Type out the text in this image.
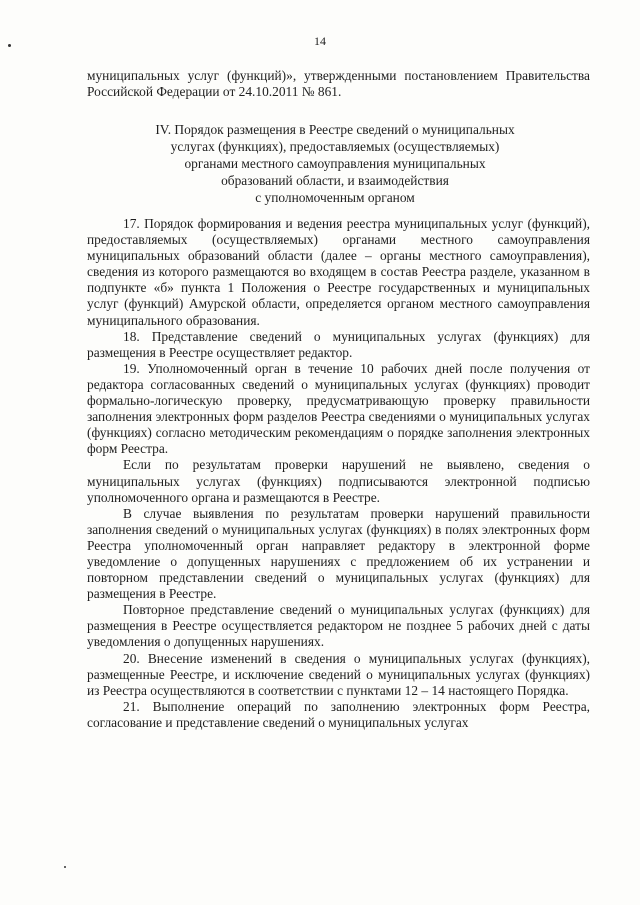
14

муниципальных услуг (функций)», утвержденными постановлением Правительства Российской Федерации от 24.10.2011 № 861.

IV. Порядок размещения в Реестре сведений о муниципальных
услугах (функциях), предоставляемых (осуществляемых)
органами местного самоуправления муниципальных
образований области, и взаимодействия
с уполномоченным органом

17. Порядок формирования и ведения реестра муниципальных услуг (функций), предоставляемых (осуществляемых) органами местного самоуправления муниципальных образований области (далее – органы местного самоуправления), сведения из которого размещаются во входящем в состав Реестра разделе, указанном в подпункте «б» пункта 1 Положения о Реестре государственных и муниципальных услуг (функций) Амурской области, определяется органом местного самоуправления муниципального образования.

18. Представление сведений о муниципальных услугах (функциях) для размещения в Реестре осуществляет редактор.

19. Уполномоченный орган в течение 10 рабочих дней после получения от редактора согласованных сведений о муниципальных услугах (функциях) проводит формально-логическую проверку, предусматривающую проверку правильности заполнения электронных форм разделов Реестра сведениями о муниципальных услугах (функциях) согласно методическим рекомендациям о порядке заполнения электронных форм Реестра.

Если по результатам проверки нарушений не выявлено, сведения о муниципальных услугах (функциях) подписываются электронной подписью уполномоченного органа и размещаются в Реестре.

В случае выявления по результатам проверки нарушений правильности заполнения сведений о муниципальных услугах (функциях) в полях электронных форм Реестра уполномоченный орган направляет редактору в электронной форме уведомление о допущенных нарушениях с предложением об их устранении и повторном представлении сведений о муниципальных услугах (функциях) для размещения в Реестре.

Повторное представление сведений о муниципальных услугах (функциях) для размещения в Реестре осуществляется редактором не позднее 5 рабочих дней с даты уведомления о допущенных нарушениях.

20. Внесение изменений в сведения о муниципальных услугах (функциях), размещенные Реестре, и исключение сведений о муниципальных услугах (функциях) из Реестра осуществляются в соответствии с пунктами 12 – 14 настоящего Порядка.

21. Выполнение операций по заполнению электронных форм Реестра, согласование и представление сведений о муниципальных услугах
